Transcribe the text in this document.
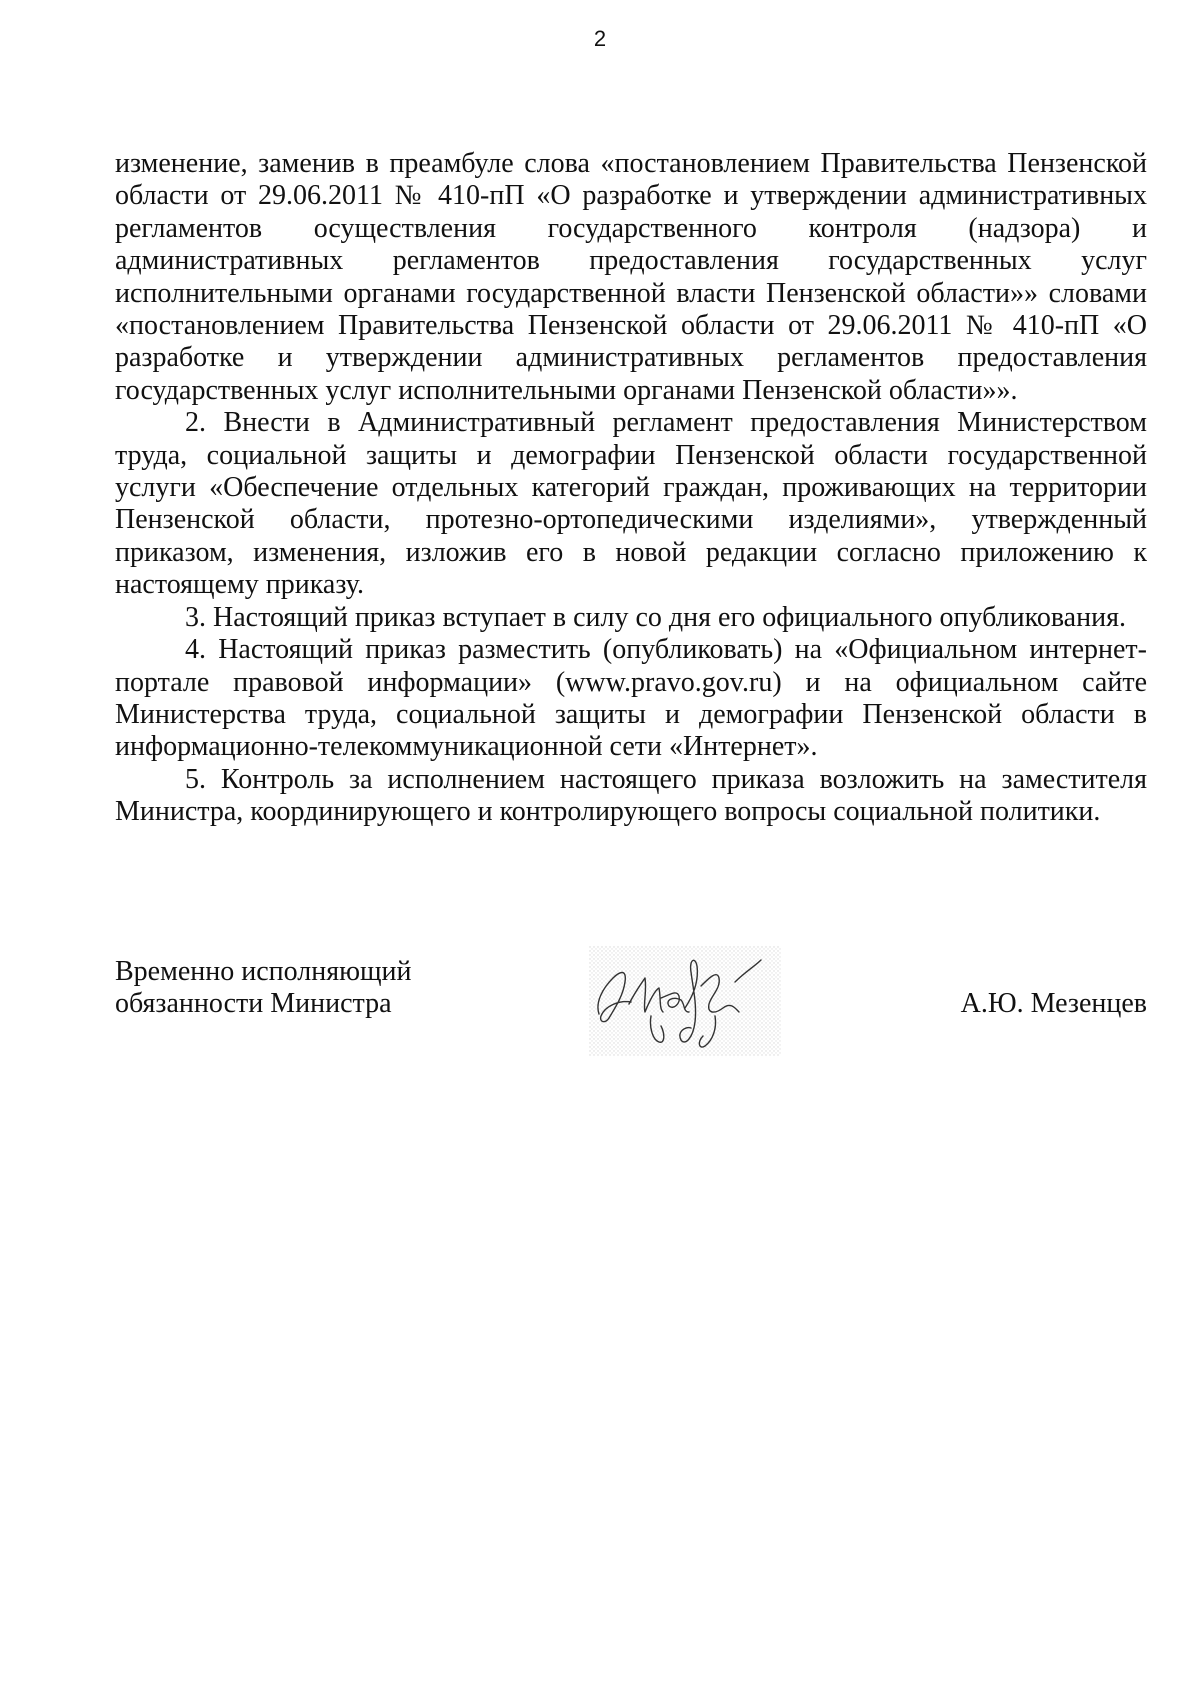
2

изменение, заменив в преамбуле слова «постановлением Правительства Пензенской области от 29.06.2011 № 410-пП «О разработке и утверждении административных регламентов осуществления государственного контроля (надзора) и административных регламентов предоставления государственных услуг исполнительными органами государственной власти Пензенской области»» словами «постановлением Правительства Пензенской области от 29.06.2011 № 410-пП «О разработке и утверждении административных регламентов предоставления государственных услуг исполнительными органами Пензенской области»».

2. Внести в Административный регламент предоставления Министерством труда, социальной защиты и демографии Пензенской области государственной услуги «Обеспечение отдельных категорий граждан, проживающих на территории Пензенской области, протезно-ортопедическими изделиями», утвержденный приказом, изменения, изложив его в новой редакции согласно приложению к настоящему приказу.

3. Настоящий приказ вступает в силу со дня его официального опубликования.

4. Настоящий приказ разместить (опубликовать) на «Официальном интернет-портале правовой информации» (www.pravo.gov.ru) и на официальном сайте Министерства труда, социальной защиты и демографии Пензенской области в информационно-телекоммуникационной сети «Интернет».

5. Контроль за исполнением настоящего приказа возложить на заместителя Министра, координирующего и контролирующего вопросы социальной политики.

Временно исполняющий
обязанности Министра	А.Ю. Мезенцев
